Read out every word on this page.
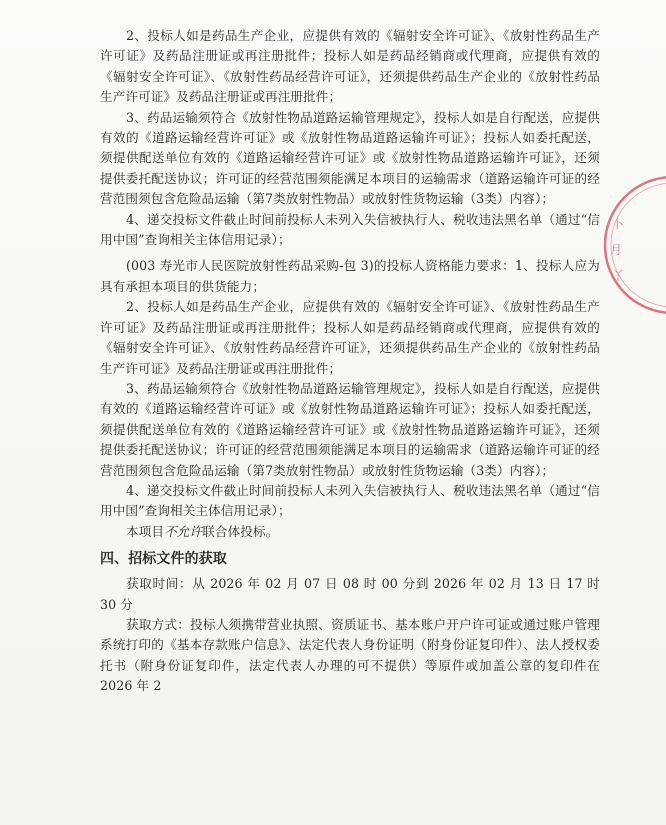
2、投标人如是药品生产企业，应提供有效的《辐射安全许可证》、《放射性药品生产许可证》及药品注册证或再注册批件；投标人如是药品经销商或代理商，应提供有效的《辐射安全许可证》、《放射性药品经营许可证》，还须提供药品生产企业的《放射性药品生产许可证》及药品注册证或再注册批件；

3、药品运输须符合《放射性物品道路运输管理规定》，投标人如是自行配送，应提供有效的《道路运输经营许可证》或《放射性物品道路运输许可证》；投标人如委托配送，须提供配送单位有效的《道路运输经营许可证》或《放射性物品道路运输许可证》，还须提供委托配送协议；许可证的经营范围须能满足本项目的运输需求（道路运输许可证的经营范围须包含危险品运输（第7类放射性物品）或放射性货物运输（3类）内容）；

4、递交投标文件截止时间前投标人未列入失信被执行人、税收违法黑名单（通过“信用中国”查询相关主体信用记录）；

(003 寿光市人民医院放射性药品采购-包 3)的投标人资格能力要求：1、投标人应为具有承担本项目的供货能力；

2、投标人如是药品生产企业，应提供有效的《辐射安全许可证》、《放射性药品生产许可证》及药品注册证或再注册批件；投标人如是药品经销商或代理商，应提供有效的《辐射安全许可证》、《放射性药品经营许可证》，还须提供药品生产企业的《放射性药品生产许可证》及药品注册证或再注册批件；

3、药品运输须符合《放射性物品道路运输管理规定》，投标人如是自行配送，应提供有效的《道路运输经营许可证》或《放射性物品道路运输许可证》；投标人如委托配送，须提供配送单位有效的《道路运输经营许可证》或《放射性物品道路运输许可证》，还须提供委托配送协议；许可证的经营范围须能满足本项目的运输需求（道路运输许可证的经营范围须包含危险品运输（第7类放射性物品）或放射性货物运输（3类）内容）；

4、递交投标文件截止时间前投标人未列入失信被执行人、税收违法黑名单（通过“信用中国”查询相关主体信用记录）；

本项目不允许联合体投标。

四、招标文件的获取

获取时间：从 2026 年 02 月 07 日 08 时 00 分到 2026 年 02 月 13 日 17 时 30 分

获取方式：投标人须携带营业执照、资质证书、基本账户开户许可证或通过账户管理系统打印的《基本存款账户信息》、法定代表人身份证明（附身份证复印件）、法人授权委托书（附身份证复印件，法定代表人办理的可不提供）等原件或加盖公章的复印件在 2026 年 2

卜
月
丫
